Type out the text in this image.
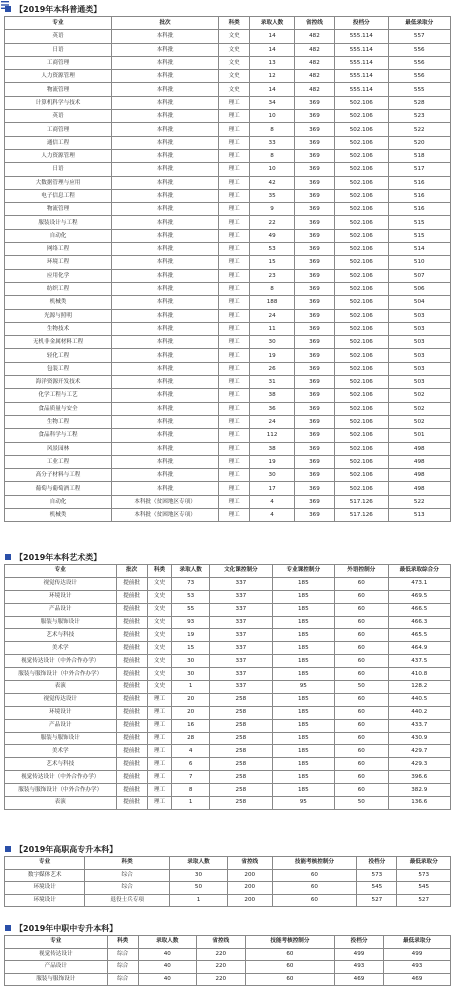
【2019年本科普通类】
专业	批次	科类	录取人数	省控线	投档分	最低录取分
英语	本科批	文史	14	482	555.114	557
日语	本科批	文史	14	482	555.114	556
工商管理	本科批	文史	13	482	555.114	556
人力资源管理	本科批	文史	12	482	555.114	556
物流管理	本科批	文史	14	482	555.114	555
计算机科学与技术	本科批	理工	34	369	502.106	528
英语	本科批	理工	10	369	502.106	523
工商管理	本科批	理工	8	369	502.106	522
通信工程	本科批	理工	33	369	502.106	520
人力资源管理	本科批	理工	8	369	502.106	518
日语	本科批	理工	10	369	502.106	517
大数据管理与应用	本科批	理工	42	369	502.106	516
电子信息工程	本科批	理工	35	369	502.106	516
物流管理	本科批	理工	9	369	502.106	516
服装设计与工程	本科批	理工	22	369	502.106	515
自动化	本科批	理工	49	369	502.106	515
网络工程	本科批	理工	53	369	502.106	514
环境工程	本科批	理工	15	369	502.106	510
应用化学	本科批	理工	23	369	502.106	507
纺织工程	本科批	理工	8	369	502.106	506
机械类	本科批	理工	188	369	502.106	504
光源与照明	本科批	理工	24	369	502.106	503
生物技术	本科批	理工	11	369	502.106	503
无机非金属材料工程	本科批	理工	30	369	502.106	503
轻化工程	本科批	理工	19	369	502.106	503
包装工程	本科批	理工	26	369	502.106	503
海洋资源开发技术	本科批	理工	31	369	502.106	503
化学工程与工艺	本科批	理工	38	369	502.106	502
食品质量与安全	本科批	理工	36	369	502.106	502
生物工程	本科批	理工	24	369	502.106	502
食品科学与工程	本科批	理工	112	369	502.106	501
风景园林	本科批	理工	38	369	502.106	498
工业工程	本科批	理工	19	369	502.106	498
高分子材料与工程	本科批	理工	30	369	502.106	498
葡萄与葡萄酒工程	本科批	理工	17	369	502.106	498
自动化	本科批（贫困地区专项）	理工	4	369	517.126	522
机械类	本科批（贫困地区专项）	理工	4	369	517.126	513
【2019年本科艺术类】
专业	批次	科类	录取人数	文化课控制分	专业课控制分	外语控制分	最低录取综合分
视觉传达设计	提前批	文史	73	337	185	60	473.1
环境设计	提前批	文史	53	337	185	60	469.5
产品设计	提前批	文史	55	337	185	60	466.5
服装与服饰设计	提前批	文史	93	337	185	60	466.3
艺术与科技	提前批	文史	19	337	185	60	465.5
美术学	提前批	文史	15	337	185	60	464.9
视觉传达设计（中外合作办学）	提前批	文史	30	337	185	60	437.5
服装与服饰设计（中外合作办学）	提前批	文史	30	337	185	60	410.8
表演	提前批	文史	1	337	95	50	128.2
视觉传达设计	提前批	理工	20	258	185	60	440.5
环境设计	提前批	理工	20	258	185	60	440.2
产品设计	提前批	理工	16	258	185	60	433.7
服装与服饰设计	提前批	理工	28	258	185	60	430.9
美术学	提前批	理工	4	258	185	60	429.7
艺术与科技	提前批	理工	6	258	185	60	429.3
视觉传达设计（中外合作办学）	提前批	理工	7	258	185	60	396.6
服装与服饰设计（中外合作办学）	提前批	理工	8	258	185	60	382.9
表演	提前批	理工	1	258	95	50	136.6
【2019年高职高专升本科】
专业	科类	录取人数	省控线	技能考核控制分	投档分	最低录取分
数字媒体艺术	综合	30	200	60	573	573
环境设计	综合	50	200	60	545	545
环境设计	退役士兵专项	1	200	60	527	527
【2019年中职中专升本科】
专业	科类	录取人数	省控线	技能考核控制分	投档分	最低录取分
视觉传达设计	综合	40	220	60	499	499
产品设计	综合	40	220	60	493	493
服装与服饰设计	综合	40	220	60	469	469
